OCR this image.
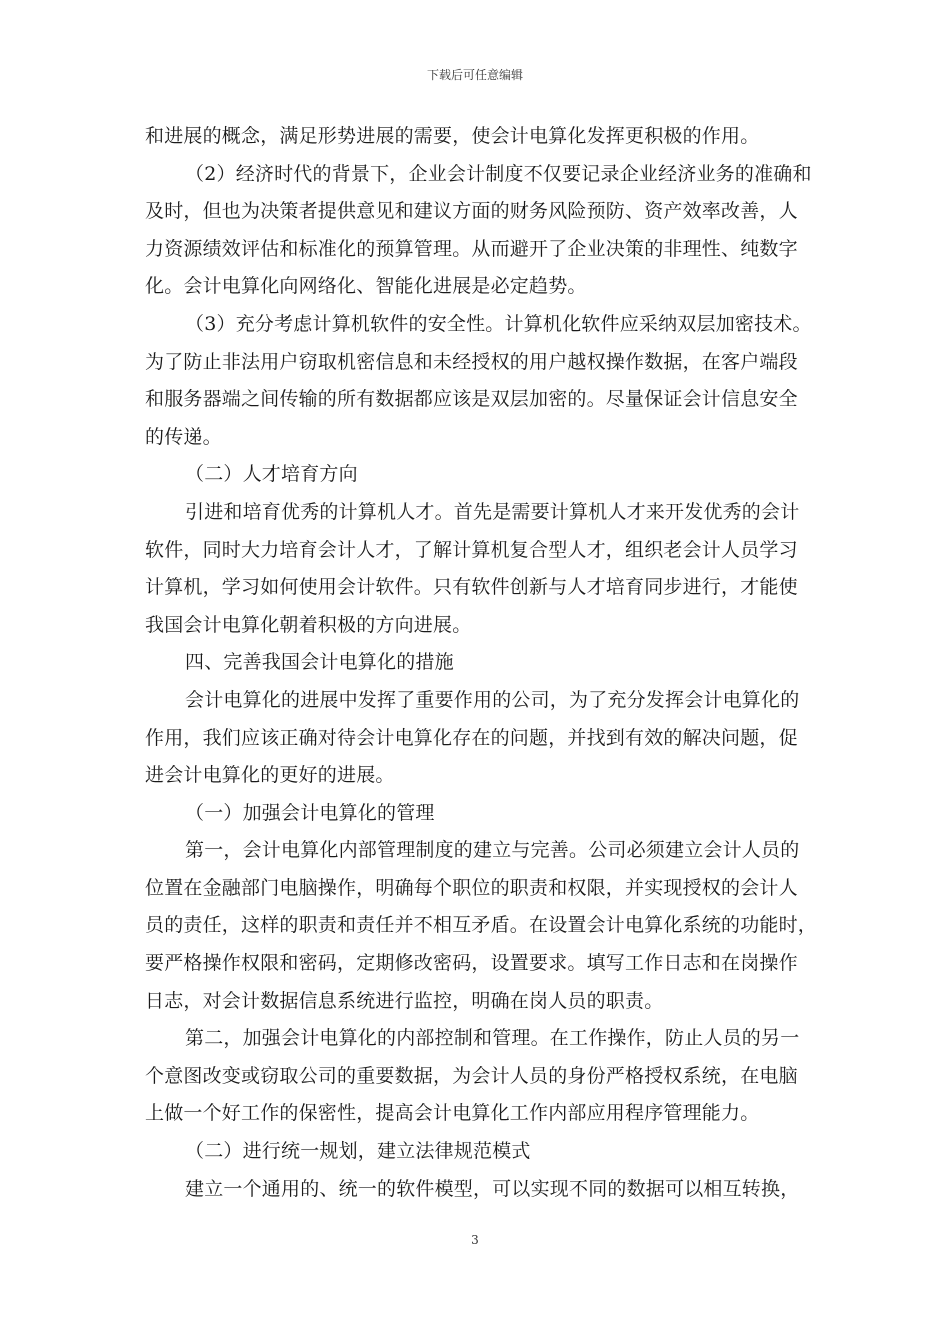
下载后可任意编辑
和进展的概念，满足形势进展的需要，使会计电算化发挥更积极的作用。
（2）经济时代的背景下，企业会计制度不仅要记录企业经济业务的准确和
及时，但也为决策者提供意见和建议方面的财务风险预防、资产效率改善，人
力资源绩效评估和标准化的预算管理。从而避开了企业决策的非理性、纯数字
化。会计电算化向网络化、智能化进展是必定趋势。
（3）充分考虑计算机软件的安全性。计算机化软件应采纳双层加密技术。
为了防止非法用户窃取机密信息和未经授权的用户越权操作数据，在客户端段
和服务器端之间传输的所有数据都应该是双层加密的。尽量保证会计信息安全
的传递。
（二）人才培育方向
引进和培育优秀的计算机人才。首先是需要计算机人才来开发优秀的会计
软件，同时大力培育会计人才，了解计算机复合型人才，组织老会计人员学习
计算机，学习如何使用会计软件。只有软件创新与人才培育同步进行，才能使
我国会计电算化朝着积极的方向进展。
四、完善我国会计电算化的措施
会计电算化的进展中发挥了重要作用的公司，为了充分发挥会计电算化的
作用，我们应该正确对待会计电算化存在的问题，并找到有效的解决问题，促
进会计电算化的更好的进展。
（一）加强会计电算化的管理
第一，会计电算化内部管理制度的建立与完善。公司必须建立会计人员的
位置在金融部门电脑操作，明确每个职位的职责和权限，并实现授权的会计人
员的责任，这样的职责和责任并不相互矛盾。在设置会计电算化系统的功能时，
要严格操作权限和密码，定期修改密码，设置要求。填写工作日志和在岗操作
日志，对会计数据信息系统进行监控，明确在岗人员的职责。
第二，加强会计电算化的内部控制和管理。在工作操作，防止人员的另一
个意图改变或窃取公司的重要数据，为会计人员的身份严格授权系统，在电脑
上做一个好工作的保密性，提高会计电算化工作内部应用程序管理能力。
（二）进行统一规划，建立法律规范模式
建立一个通用的、统一的软件模型，可以实现不同的数据可以相互转换，
3
